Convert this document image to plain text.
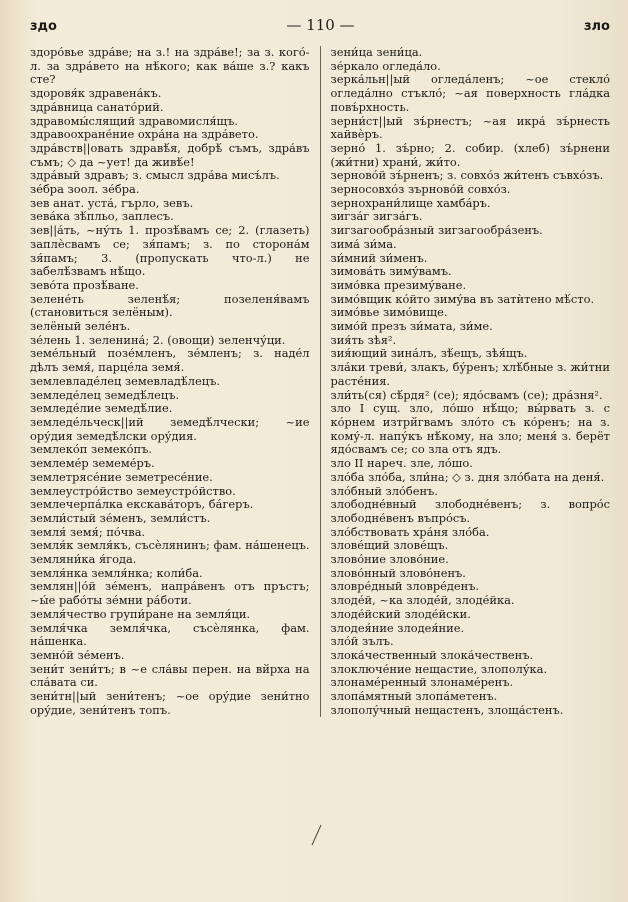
здо	— 110 —	зло
здоро́вье здра́ве; на з.! на здра́ве!; за з. кого́-л. за здра́вето на нѣ́кого; как ва́ше з.? какъ сте?
здоровя́к здравена́къ.
здра́вница санато́рий.
здравомы́слящий здравомисля́щъ.
здравоохране́ние охра́на на здра́вето.
здра́вств||овать здравѣ́я, добрѣ́ съмъ, здра́въ съмъ; ◇ да ~ует! да живѣ́е!
здра́вый здравъ; з. смысл здра́ва мисъ́лъ.
зе́бра зоол. зе́бра.
зев анат. уста́, гърло, зевъ.
зева́ка зѣ́пльо, заплесъ.
зев||а́ть, ~ну́ть 1. прозѣ́вамъ се; 2. (глазеть) заплѐсвамъ се; зя́памъ; з. по сторона́м зя́памъ; 3. (пропускать что-л.) не забелѣ́звамъ нѣ́що.
зево́та прозѣ́ване.
зелене́ть зеленѣ́я; позеленя́вамъ (становиться зелёным).
зелёный зеле́нъ.
зе́лень 1. зеленина́; 2. (овощи) зеленчу́ци.
земе́льный позе́мленъ, зе́мленъ; з. наде́л дѣлъ земя́, парце́ла земя́.
землевладе́лец земевладѣ́лецъ.
земледе́лец земедѣ́лецъ.
земледе́лие земедѣ́лие.
земледе́льческ||ий земедѣ́лчески; ~ие ору́дия земедѣ́лски ору́дия.
землеко́п земеко́пъ.
землеме́р земеме́ръ.
землетрясе́ние земетресе́ние.
землеустро́йство земеустро́йство.
землечерпа́лка екскава́торъ, ба́геръ.
земли́стый зе́менъ, земли́стъ.
земля́ земя́; по́чва.
земля́к земля́къ, съсѐлянинъ; фам. на́шенецъ.
земляни́ка я́года.
земля́нка земля́нка; коли́ба.
землян||о́й зе́менъ, напра́венъ отъ пръстъ; ~ы́е рабо́ты зе́мни ра́боти.
земля́чество групи́ране на земля́ци.
земля́чка земля́чка, съсѐлянка, фам. на́шенка.
земно́й зе́менъ.
зени́т зени́тъ; в ~е сла́вы перен. на вѝ́рха на сла́вата си.
зени́тн||ый зени́тенъ; ~ое ору́дие зени́тно ору́дие, зени́тенъ топъ.
зени́ца зени́ца.
зе́ркало огледа́ло.
зерка́льн||ый огледа́ленъ; ~ое стекло́ огледа́лно стъкло́; ~ая поверхность гла́дка повъ́рхность.
зерни́ст||ый зъ́рнестъ; ~ая икра́ зъ́рнесть хайвѐръ.
зерно́ 1. зъ́рно; 2. собир. (хлеб) зъ́рнени (жи́тни) храни́, жи́то.
зерново́й зъ́рненъ; з. совхо́з жи́тенъ съвхо́зъ.
зерносовхо́з зърново́й совхо́з.
зернохрани́лище хамба́ръ.
зигза́г зигза́гъ.
зигзагообра́зный зигзагообра́зенъ.
зима́ зи́ма.
зи́мний зи́менъ.
зимова́ть зиму́вамъ.
зимо́вка презиму́ване.
зимо́вщик ко́йто зиму́ва въ затѝтено мѣ́сто.
зимо́вье зимо́вище.
зимо́й презъ зи́мата, зи́ме.
зия́ть зѣя².
зия́ющий зина́лъ, зѣ́ещъ, зѣя́щъ.
зла́ки треви́, злакъ, бу́ренъ; хлѣ́бные з. жи́тни расте́ния.
зли́ть(ся) сѣ́рдя² (се); ядо́свамъ (се); дра́зня².
зло I сущ. зло, ло́шо нѣ́що; вы́рвать з. с ко́рнем изтрѝ́гвамъ зло́то съ ко́ренъ; на з. кому́-л. напу́къ нѣ́кому, на зло; меня́ з. берёт ядо́свамъ се; со зла отъ ядъ.
зло II нареч. зле, ло́шо.
зло́ба зло́ба, зли́на; ◇ з. дня зло́бата на деня́.
зло́бный зло́бенъ.
злободне́вный злободне́венъ; з. вопро́с злободне́венъ въпро́съ.
зло́бствовать хра́ня зло́ба.
злове́щий злове́щъ.
злово́ние злово́ние.
злово́нный злово́ненъ.
зловре́дный зловре́денъ.
злоде́й, ~ка злоде́й, злоде́йка.
злоде́йский злоде́йски.
злодея́ние злодея́ние.
зло́й зълъ.
злока́чественный злока́чественъ.
злоключе́ние нещастие, злополу́ка.
злонаме́ренный злонаме́ренъ.
злопа́мятный злопа́метенъ.
злополу́чный нещастенъ, злоща́стенъ.
